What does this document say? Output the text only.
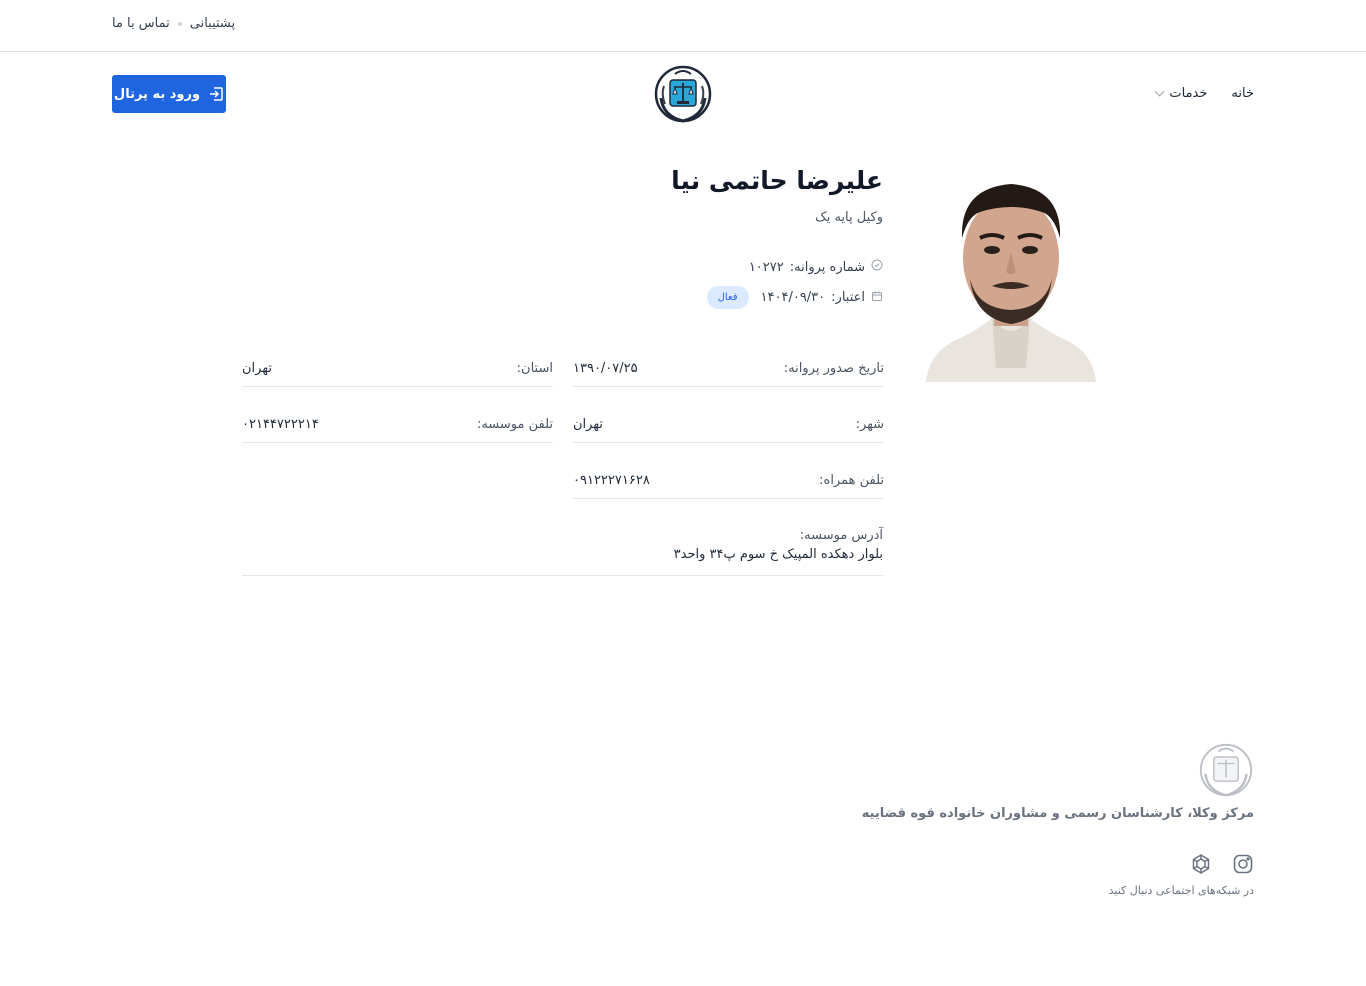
پشتیبانی
تماس با ما
خانه
خدمات
ورود به پرتال
علیرضا حاتمی نیا
وکیل پایه یک
شماره پروانه:
۱۰۲۷۲
اعتبار:
۱۴۰۴/۰۹/۳۰
فعال
تاریخ صدور پروانه:
۱۳۹۰/۰۷/۲۵
استان:
تهران
شهر:
تهران
تلفن موسسه:
۰۲۱۴۴۷۲۲۲۱۴
تلفن همراه:
۰۹۱۲۲۲۷۱۶۲۸
آدرس موسسه:
بلوار دهکده المپیک خ سوم پ۳۴ واحد۳
مرکز وکلا، کارشناسان رسمی و مشاوران خانواده قوه قضاییه
در شبکه‌های اجتماعی دنبال کنید
